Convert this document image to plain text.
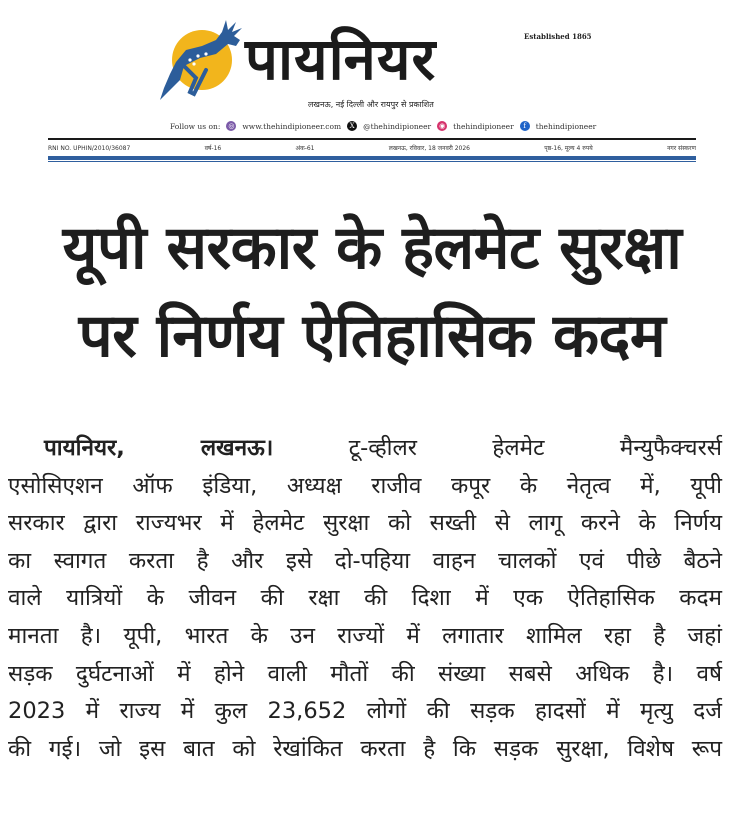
पायनियर	Established 1865
लखनऊ, नई दिल्ली और रायपुर से प्रकाशित
Follow us on: ◎ www.thehindipioneer.com	X	@thehindipioneer ◉ thehindipioneer	f	thehindipioneer
RNI NO. UPHIN/2010/36087	वर्ष-16	अंक-61	लखनऊ, रविवार, 18 जनवरी 2026	पृष्ठ-16, मूल्य 4 रुपये	नगर संस्करण
यूपी सरकार के हेलमेट सुरक्षा
पर निर्णय ऐतिहासिक कदम
पायनियर, लखनऊ।	टू-व्हीलर हेलमेट मैन्युफैक्चरर्स
एसोसिएशन ऑफ इंडिया, अध्यक्ष राजीव कपूर के नेतृत्व में, यूपी
सरकार द्वारा राज्यभर में हेलमेट सुरक्षा को सख्ती से लागू करने के निर्णय
का स्वागत करता है और इसे दो-पहिया वाहन चालकों एवं पीछे बैठने
वाले यात्रियों के जीवन की रक्षा की दिशा में एक ऐतिहासिक कदम
मानता है। यूपी, भारत के उन राज्यों में लगातार शामिल रहा है जहां
सड़क दुर्घटनाओं में होने वाली मौतों की संख्या सबसे अधिक है। वर्ष
2023 में राज्य में कुल 23,652 लोगों की सड़क हादसों में मृत्यु दर्ज
की गई। जो इस बात को रेखांकित करता है कि सड़क सुरक्षा, विशेष रूप
